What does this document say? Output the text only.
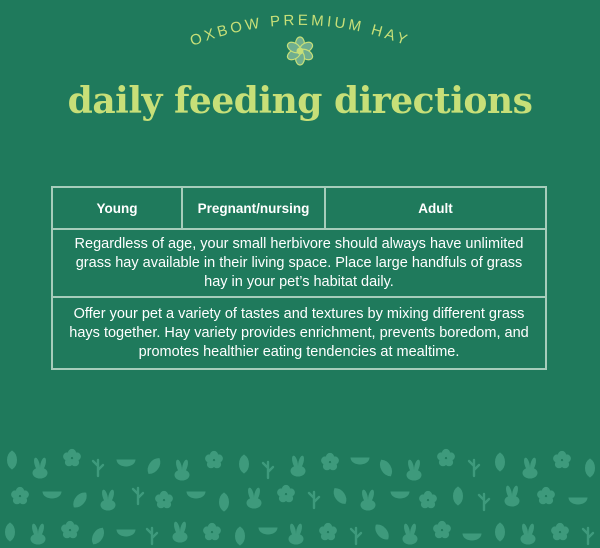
OXBOW PREMIUM HAY
daily feeding directions
Young	Pregnant/nursing	Adult
Regardless of age, your small herbivore should always have unlimited grass hay available in their living space. Place large handfuls of grass hay in your pet’s habitat daily.
Offer your pet a variety of tastes and textures by mixing different grass hays together. Hay variety provides enrichment, prevents boredom, and promotes healthier eating tendencies at mealtime.
